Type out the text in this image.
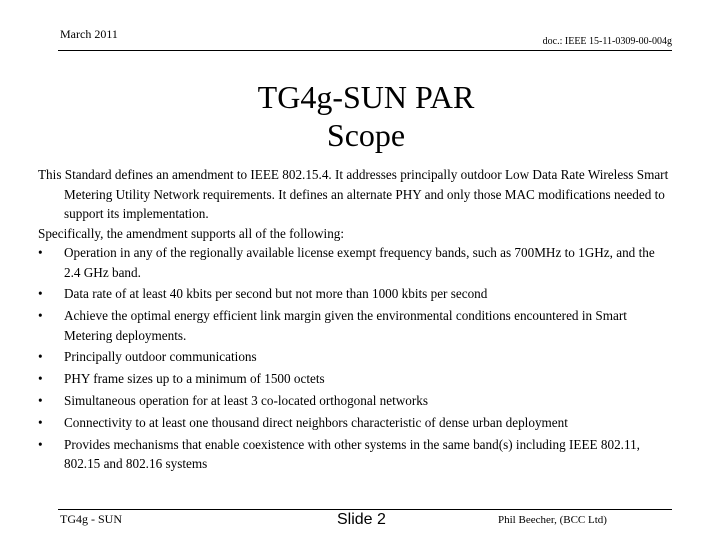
March 2011
doc.: IEEE 15-11-0309-00-004g
TG4g-SUN PAR
Scope

This Standard defines an amendment to IEEE 802.15.4. It addresses principally outdoor Low Data Rate Wireless Smart Metering Utility Network requirements. It defines an alternate PHY and only those MAC modifications needed to support its implementation.

Specifically, the amendment supports all of the following:

•	Operation in any of the regionally available license exempt frequency bands, such as 700MHz to 1GHz, and the 2.4 GHz band.
•	Data rate of at least 40 kbits per second but not more than 1000 kbits per second
•	Achieve the optimal energy efficient link margin given the environmental conditions encountered in Smart Metering deployments.
•	Principally outdoor communications
•	PHY frame sizes up to a minimum of 1500 octets
•	Simultaneous operation for at least 3 co-located orthogonal networks
•	Connectivity to at least one thousand direct neighbors characteristic of dense urban deployment
•	Provides mechanisms that enable coexistence with other systems in the same band(s) including IEEE 802.11, 802.15 and 802.16 systems
TG4g - SUN	Slide 2	Phil Beecher, (BCC Ltd)
